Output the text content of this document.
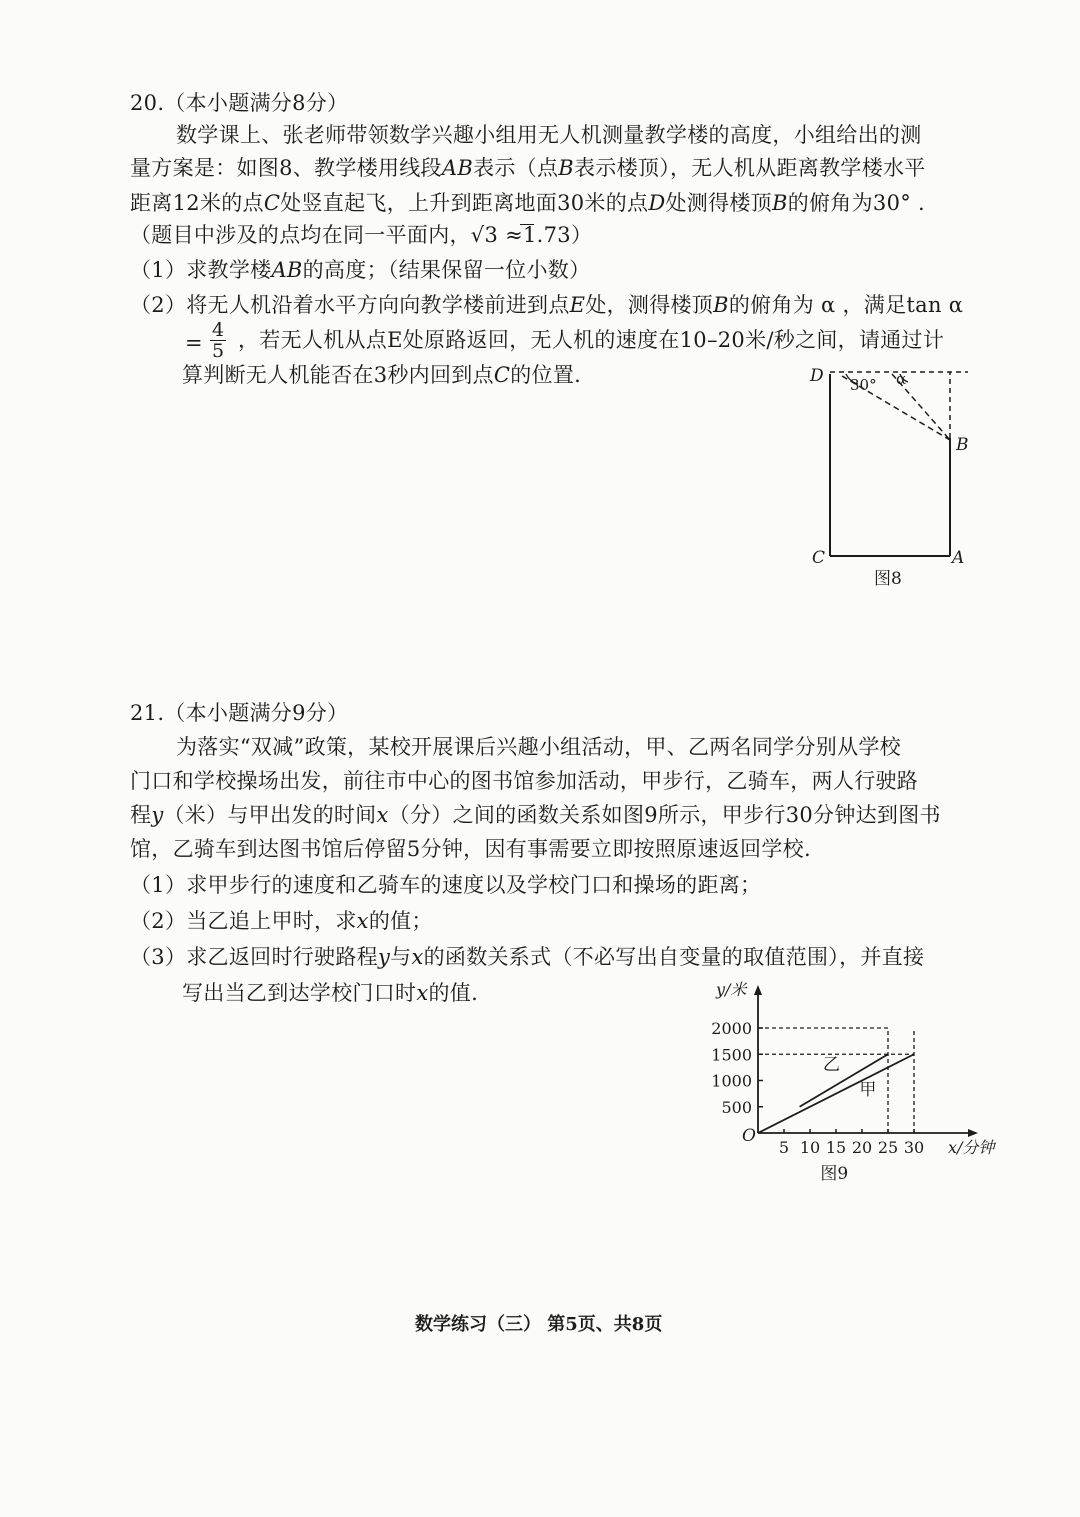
20.（本小题满分8分）
数学课上、张老师带领数学兴趣小组用无人机测量教学楼的高度，小组给出的测
量方案是：如图8、教学楼用线段AB表示（点B表示楼顶），无人机从距离教学楼水平
距离12米的点C处竖直起飞，上升到距离地面30米的点D处测得楼顶B的俯角为30° .
（题目中涉及的点均在同一平面内，√3 ≈1.73）
（1）求教学楼AB的高度；（结果保留一位小数）
（2）将无人机沿着水平方向向教学楼前进到点E处，测得楼顶B的俯角为 α ，满足tan α
= $\frac{4}{5}$ ，若无人机从点E处原路返回，无人机的速度在10–20米/秒之间，请通过计
算判断无人机能否在3秒内回到点C的位置.	D 30° α
B
C	A
图8
21.（本小题满分9分）
为落实“双减”政策，某校开展课后兴趣小组活动，甲、乙两名同学分别从学校
门口和学校操场出发，前往市中心的图书馆参加活动，甲步行，乙骑车，两人行驶路
程y（米）与甲出发的时间x（分）之间的函数关系如图9所示，甲步行30分钟达到图书
馆，乙骑车到达图书馆后停留5分钟，因有事需要立即按照原速返回学校.
（1）求甲步行的速度和乙骑车的速度以及学校门口和操场的距离；
（2）当乙追上甲时，求x的值；
（3）求乙返回时行驶路程y与x的函数关系式（不必写出自变量的取值范围），并直接
写出当乙到达学校门口时x的值.
500
1000
1500
2000
5 10 15 20 25 30
乙
甲
y/米
x/分钟
O
图9
数学练习（三） 第5页、共8页
